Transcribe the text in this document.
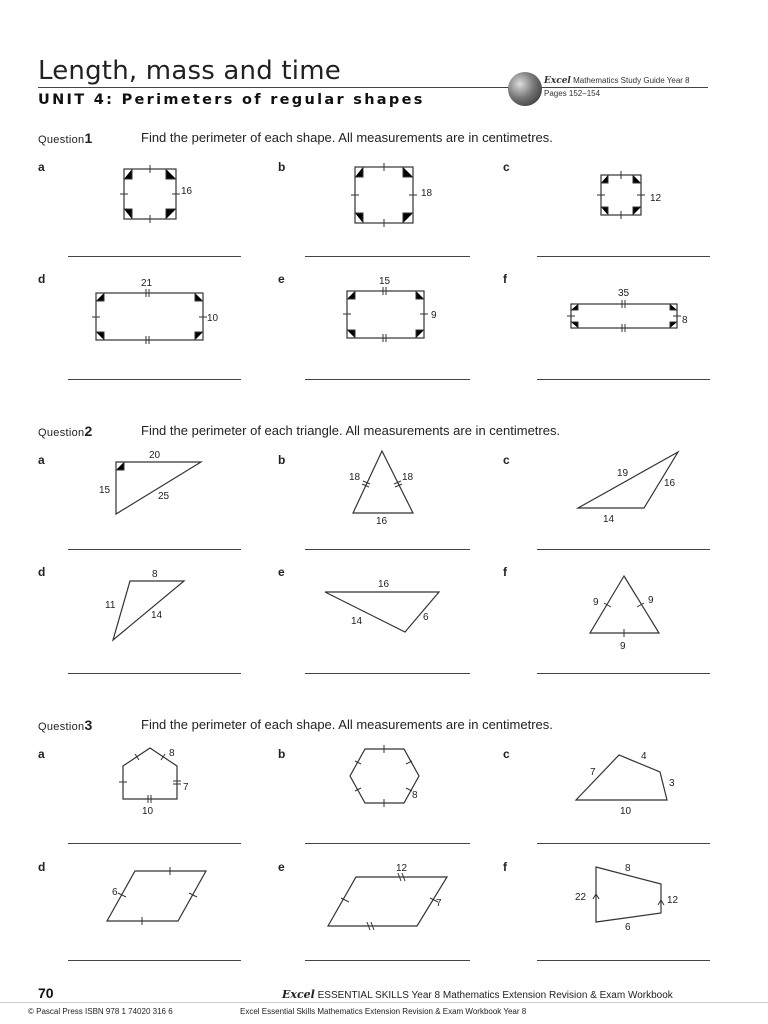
Length, mass and time
UNIT 4: Perimeters of regular shapes
Excel Mathematics Study Guide Year 8
Pages 152–154
Question1	Find the perimeter of each shape. All measurements are in centimetres.
a	b	c
d	e	f
16	18	12
21
10
15
9
35
8
Question2	Find the perimeter of each triangle. All measurements are in centimetres.
a	b	c
d	e	f
20
15
25
18	18
16
19
16
14
8
11
14
16
14	6
9	9
9
Question3	Find the perimeter of each shape. All measurements are in centimetres.
a	b	c
d	e	f
8
7
10
8
4
7
3
10
6
12
7
8
22	12
6
70	Excel ESSENTIAL SKILLS Year 8 Mathematics Extension Revision & Exam Workbook
© Pascal Press ISBN 978 1 74020 316 6	Excel Essential Skills Mathematics Extension Revision & Exam Workbook Year 8
